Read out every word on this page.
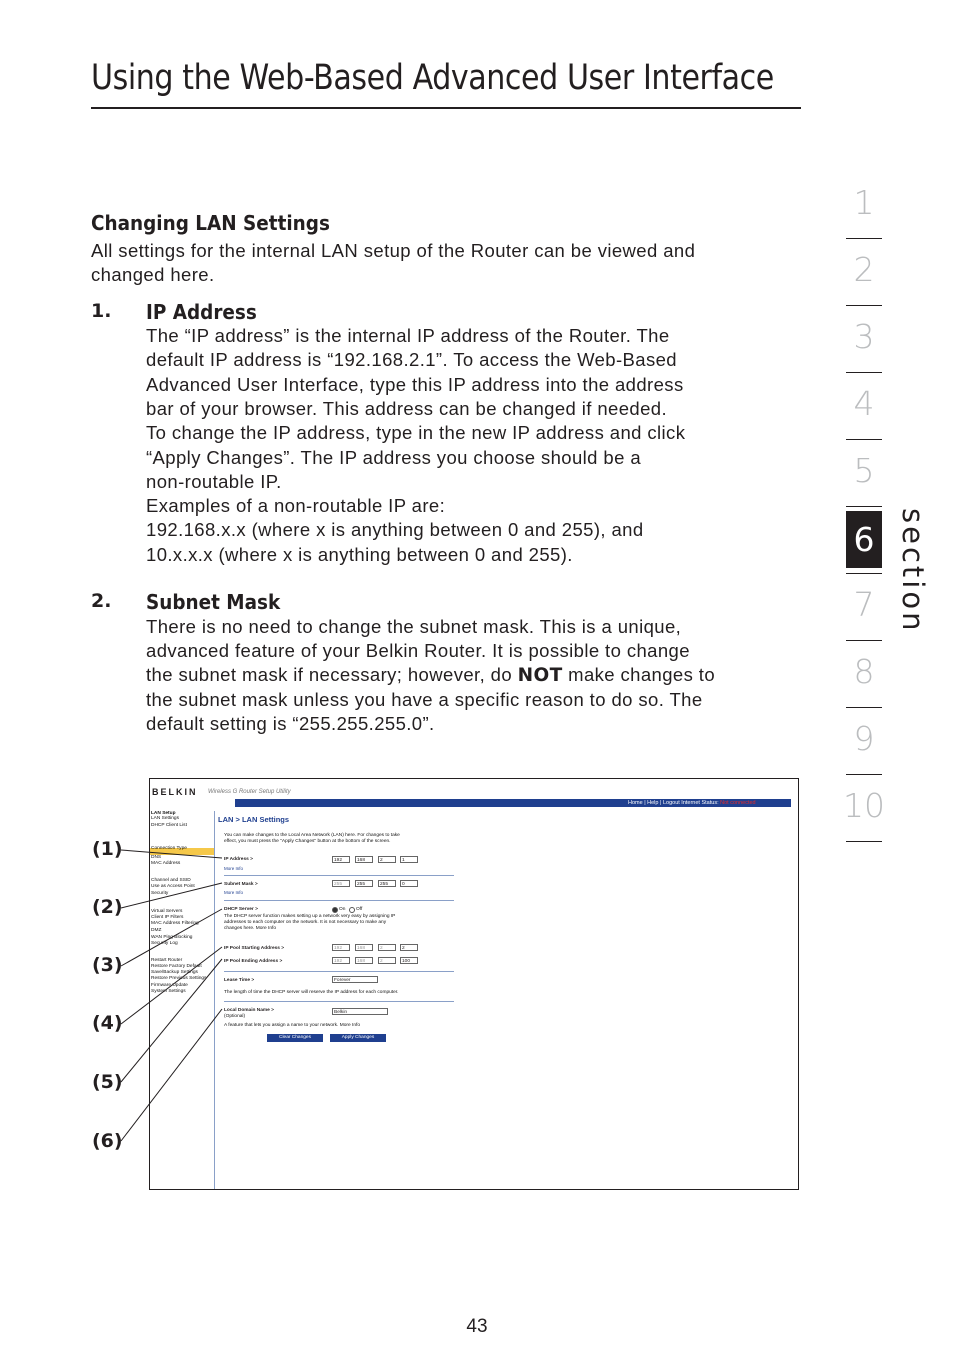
Using the Web-Based Advanced User Interface
Changing LAN Settings
All settings for the internal LAN setup of the Router can be viewed and
changed here.
1. IP Address
The “IP address” is the internal IP address of the Router. The
default IP address is “192.168.2.1”. To access the Web-Based
Advanced User Interface, type this IP address into the address
bar of your browser. This address can be changed if needed.
To change the IP address, type in the new IP address and click
“Apply Changes”. The IP address you choose should be a
non-routable IP.
Examples of a non-routable IP are:
192.168.x.x (where x is anything between 0 and 255), and
10.x.x.x (where x is anything between 0 and 255).
2. Subnet Mask
There is no need to change the subnet mask. This is a unique,
advanced feature of your Belkin Router. It is possible to change
the subnet mask if necessary; however, do NOT make changes to
the subnet mask unless you have a specific reason to do so. The
default setting is “255.255.255.0”.
1
2
3
4
5
6
7
8
9
10
section
BELKIN Wireless G Router Setup Utility
Home | Help | Logout Internet Status: Not connected
LAN Setup
LAN Settings
DHCP Client List
Connection Type
DNS
MAC Address
Channel and SSID
Use as Access Point
Security
Virtual Servers
Client IP Filters
MAC Address Filtering
DMZ
WAN Ping Blocking
Security Log
Restart Router
Restore Factory Default
Save/Backup Settings
Restore Previous Settings
Firmware Update
System Settings
LAN > LAN Settings
You can make changes to the Local Area Network (LAN) here. For changes to take
effect, you must press the "Apply Changes" button at the bottom of the screen.
IP Address >
More Info
192	168	2	1
Subnet Mask >
More Info
255	255	255	0
DHCP Server >	On Off
The DHCP server function makes setting up a network very easy by assigning IP
addresses to each computer on the network. It is not necessary to make any
changes here. More Info
IP Pool Starting Address >	192	168	2	2
IP Pool Ending Address >	192	168	2	100
Lease Time >	Forever
The length of time the DHCP server will reserve the IP address for each computer.
Local Domain Name >
(Optional)
Belkin
A feature that lets you assign a name to your network. More Info
Clear Changes	Apply Changes
(1)
(2)
(3)
(4)
(5)
(6)
43
